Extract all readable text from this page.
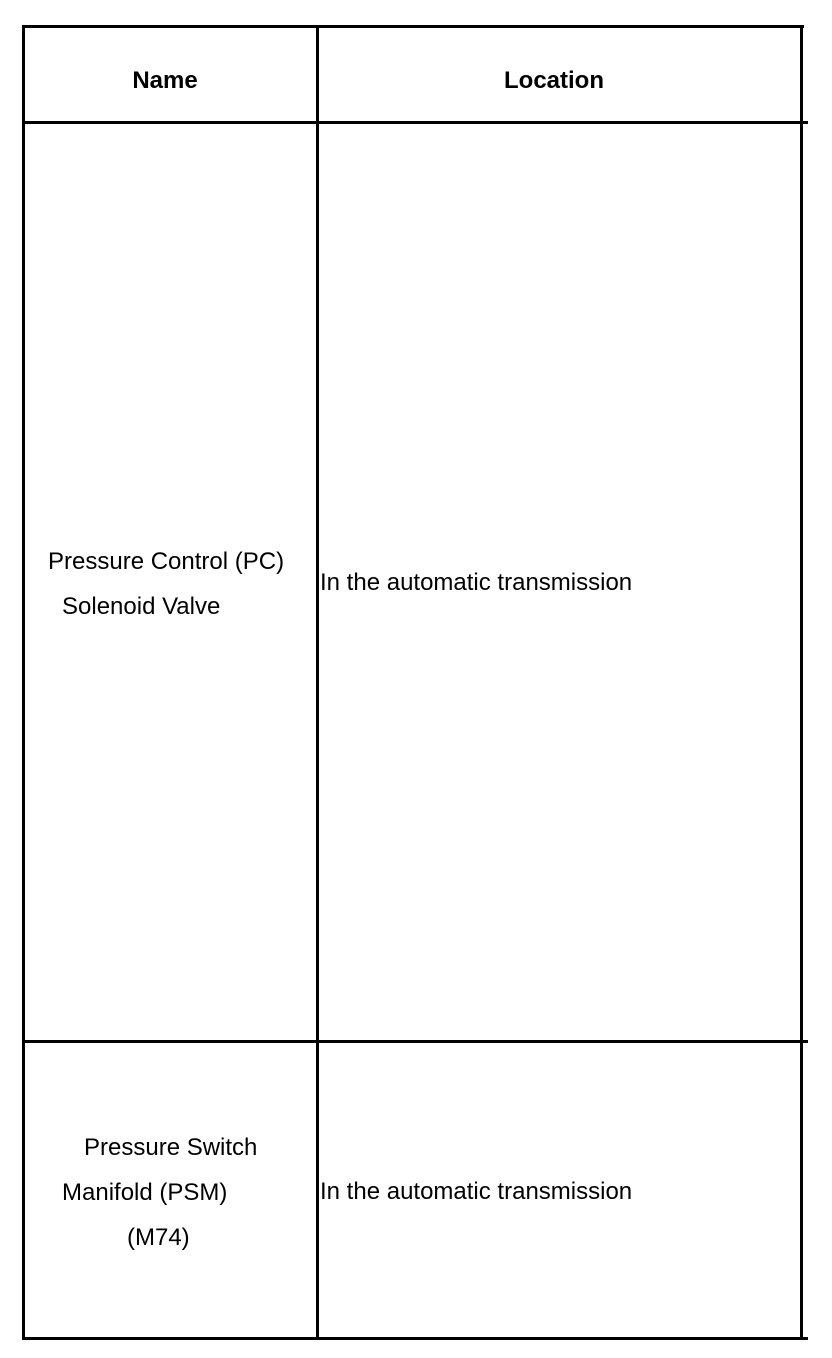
Name	Location
Pressure Control (PC)
Solenoid Valve
In the automatic transmission
Pressure Switch
Manifold (PSM)
(M74)
In the automatic transmission
